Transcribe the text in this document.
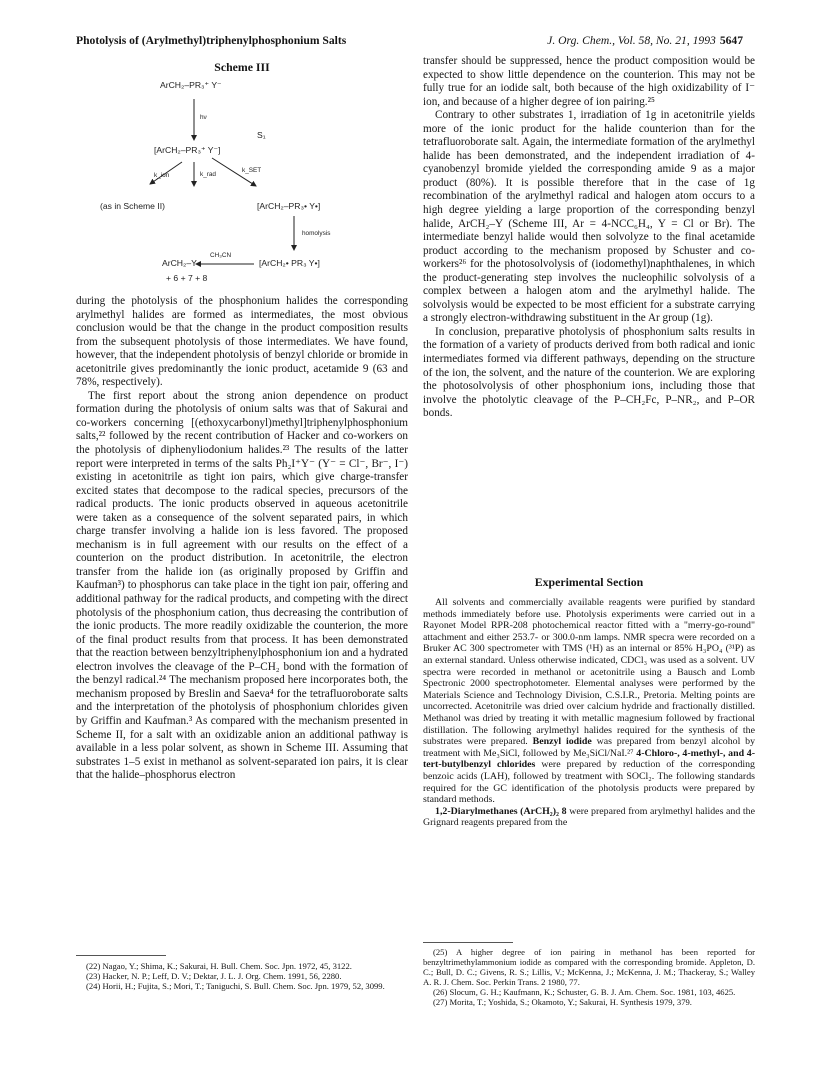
Photolysis of (Arylmethyl)triphenylphosphonium Salts	J. Org. Chem., Vol. 58, No. 21, 1993 5647
Scheme III
ArCH₂–PR₃⁺ Y⁻
hν
S₁
[ArCH₂–PR₃⁺ Y⁻]
k_ion	k_rad
k_SET
(as in Scheme II)	[ArCH₂–PR₃• Y•]
homolysis
CH₃CN
[ArCH₂• PR₃ Y•]
ArCH₂–Y
+ 6 + 7 + 8

during the photolysis of the phosphonium halides the corresponding arylmethyl halides are formed as intermediates, the most obvious conclusion would be that the change in the product composition results from the subsequent photolysis of those intermediates. We have found, however, that the independent photolysis of benzyl chloride or bromide in acetonitrile gives predominantly the ionic product, acetamide 9 (63 and 78%, respectively).

The first report about the strong anion dependence on product formation during the photolysis of onium salts was that of Sakurai and co-workers concerning [(ethoxycarbonyl)methyl]triphenylphosphonium salts,²² followed by the recent contribution of Hacker and co-workers on the photolysis of diphenyliodonium halides.²³ The results of the latter report were interpreted in terms of the salts Ph₂I⁺Y⁻ (Y⁻ = Cl⁻, Br⁻, I⁻) existing in acetonitrile as tight ion pairs, which give charge-transfer excited states that decompose to the radical species, precursors of the radical products. The ionic products observed in aqueous acetonitrile were taken as a consequence of the solvent separated pairs, in which charge transfer involving a halide ion is less favored. The proposed mechanism is in full agreement with our results on the effect of a counterion on the product distribution. In acetonitrile, the electron transfer from the halide ion (as originally proposed by Griffin and Kaufman³) to phosphorus can take place in the tight ion pair, offering and additional pathway for the radical products, and competing with the direct photolysis of the phosphonium cation, thus decreasing the contribution of the ionic products. The more readily oxidizable the counterion, the more of the final product results from that process. It has been demonstrated that the reaction between benzyltriphenylphosphonium ion and a hydrated electron involves the cleavage of the P–CH₂ bond with the formation of the benzyl radical.²⁴ The mechanism proposed here incorporates both, the mechanism proposed by Breslin and Saeva⁴ for the tetrafluoroborate salts and the interpretation of the photolysis of phosphonium chlorides given by Griffin and Kaufman.³ As compared with the mechanism presented in Scheme II, for a salt with an oxidizable anion an additional pathway is available in a less polar solvent, as shown in Scheme III. Assuming that substrates 1–5 exist in methanol as solvent-separated ion pairs, it is clear that the halide–phosphorus electron

transfer should be suppressed, hence the product composition would be expected to show little dependence on the counterion. This may not be fully true for an iodide salt, both because of the high oxidizability of I⁻ ion, and because of a higher degree of ion pairing.²⁵

Contrary to other substrates 1, irradiation of 1g in acetonitrile yields more of the ionic product for the halide counterion than for the tetrafluoroborate salt. Again, the intermediate formation of the arylmethyl halide has been demonstrated, and the independent irradiation of 4-cyanobenzyl bromide yielded the corresponding amide 9 as a major product (80%). It is possible therefore that in the case of 1g recombination of the arylmethyl radical and halogen atom occurs to a high degree yielding a large proportion of the corresponding benzyl halide, ArCH₂–Y (Scheme III, Ar = 4-NCC₆H₄, Y = Cl or Br). The intermediate benzyl halide would then solvolyze to the final acetamide product according to the mechanism proposed by Schuster and co-workers²⁶ for the photosolvolysis of (iodomethyl)naphthalenes, in which the product-generating step involves the nucleophilic solvolysis of a complex between a halogen atom and the arylmethyl halide. The solvolysis would be expected to be most efficient for a substrate carrying a strongly electron-withdrawing substituent in the Ar group (1g).

In conclusion, preparative photolysis of phosphonium salts results in the formation of a variety of products derived from both radical and ionic intermediates formed via different pathways, depending on the structure of the ion, the solvent, and the nature of the counterion. We are exploring the photosolvolysis of other phosphonium ions, including those that involve the photolytic cleavage of the P–CH₂Fc, P–NR₂, and P–OR bonds.

Experimental Section

All solvents and commercially available reagents were purified by standard methods immediately before use. Photolysis experiments were carried out in a Rayonet Model RPR-208 photochemical reactor fitted with a "merry-go-round" attachment and either 253.7- or 300.0-nm lamps. NMR specra were recorded on a Bruker AC 300 spectrometer with TMS (¹H) as an internal or 85% H₃PO₄ (³¹P) as an external standard. Unless otherwise indicated, CDCl₃ was used as a solvent. UV spectra were recorded in methanol or acetonitrile using a Bausch and Lomb Spectronic 2000 spectrophotometer. Elemental analyses were performed by the Materials Science and Technology Division, C.S.I.R., Pretoria. Melting points are uncorrected. Acetonitrile was dried over calcium hydride and fractionally distilled. Methanol was dried by treating it with metallic magnesium followed by fractional distillation. The following arylmethyl halides required for the synthesis of the substrates were prepared. Benzyl iodide was prepared from benzyl alcohol by treatment with Me₃SiCl, followed by Me₃SiCl/NaI.²⁷ 4-Chloro-, 4-methyl-, and 4-tert-butylbenzyl chlorides were prepared by reduction of the corresponding benzoic acids (LAH), followed by treatment with SOCl₂. The following standards required for the GC identification of the photolysis products were prepared by standard methods.

1,2-Diarylmethanes (ArCH₂)₂ 8 were prepared from arylmethyl halides and the Grignard reagents prepared from the

(22) Nagao, Y.; Shima, K.; Sakurai, H. Bull. Chem. Soc. Jpn. 1972, 45, 3122.

(23) Hacker, N. P.; Leff, D. V.; Dektar, J. L. J. Org. Chem. 1991, 56, 2280.

(24) Horii, H.; Fujita, S.; Mori, T.; Taniguchi, S. Bull. Chem. Soc. Jpn. 1979, 52, 3099.

(25) A higher degree of ion pairing in methanol has been reported for benzyltrimethylammonium iodide as compared with the corresponding bromide. Appleton, D. C.; Bull, D. C.; Givens, R. S.; Lillis, V.; McKenna, J.; McKenna, J. M.; Thackeray, S.; Walley A. R. J. Chem. Soc. Perkin Trans. 2 1980, 77.

(26) Slocum, G. H.; Kaufmann, K.; Schuster, G. B. J. Am. Chem. Soc. 1981, 103, 4625.

(27) Morita, T.; Yoshida, S.; Okamoto, Y.; Sakurai, H. Synthesis 1979, 379.
